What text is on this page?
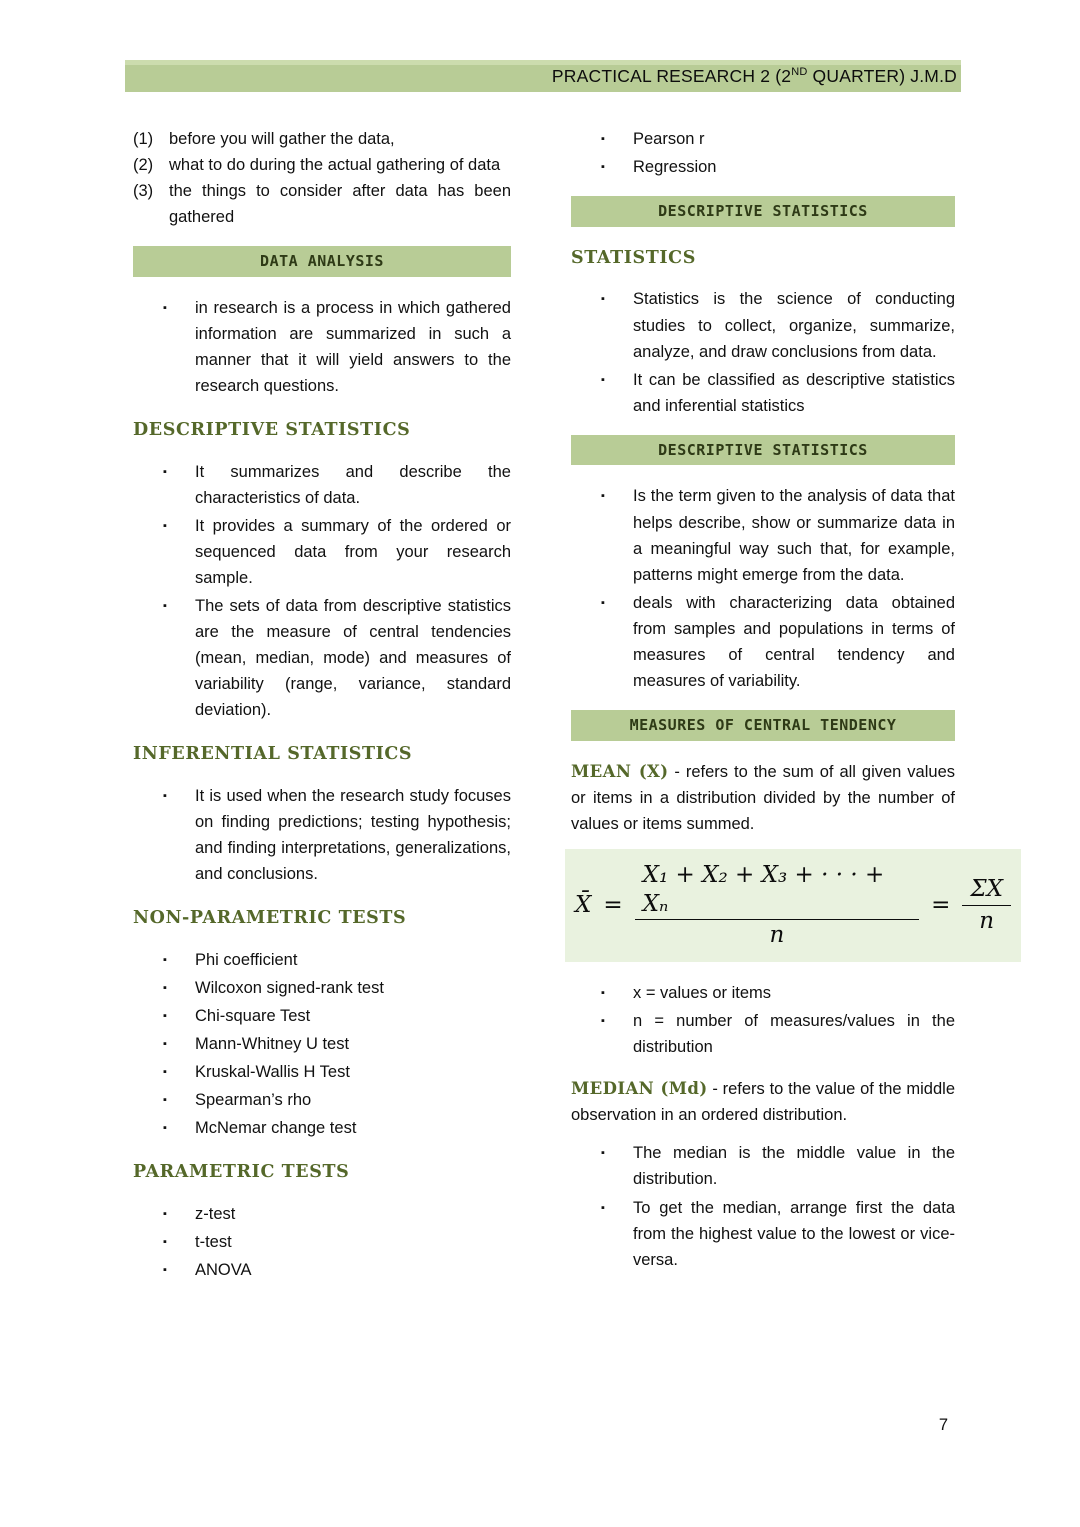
PRACTICAL RESEARCH 2 (2ND QUARTER) J.M.D
(1) before you will gather the data,
(2) what to do during the actual gathering of data
(3) the things to consider after data has been gathered
DATA ANALYSIS
▪
in research is a process in which gathered information are summarized in such a manner that it will yield answers to the research questions.
DESCRIPTIVE STATISTICS
▪
It summarizes and describe the characteristics of data.
▪
It provides a summary of the ordered or sequenced data from your research sample.
▪
The sets of data from descriptive statistics are the measure of central tendencies (mean, median, mode) and measures of variability (range, variance, standard deviation).
INFERENTIAL STATISTICS
▪
It is used when the research study focuses on finding predictions; testing hypothesis; and finding interpretations, generalizations, and conclusions.
NON-PARAMETRIC TESTS
▪
Phi coefficient
▪
Wilcoxon signed-rank test
▪
Chi-square Test
▪
Mann-Whitney U test
▪
Kruskal-Wallis H Test
▪
Spearman’s rho
▪
McNemar change test
PARAMETRIC TESTS
▪
z-test
▪
t-test
▪
ANOVA
▪
Pearson r
▪
Regression
DESCRIPTIVE STATISTICS
STATISTICS
▪
Statistics is the science of conducting studies to collect, organize, summarize, analyze, and draw conclusions from data.
▪
It can be classified as descriptive statistics and inferential statistics
DESCRIPTIVE STATISTICS
▪
Is the term given to the analysis of data that helps describe, show or summarize data in a meaningful way such that, for example, patterns might emerge from the data.
▪
deals with characterizing data obtained from samples and populations in terms of measures of central tendency and measures of variability.
MEASURES OF CENTRAL TENDENCY

MEAN (X) - refers to the sum of all given values or items in a distribution divided by the number of values or items summed.

X̄ = $\frac{\text{X₁ + X₂ + X₃ + · · · + Xₙ}}{n} = \frac{\Sigma X}{n}$
▪
x = values or items
▪
n = number of measures/values in the distribution

MEDIAN (Md) - refers to the value of the middle observation in an ordered distribution.

▪
The median is the middle value in the distribution.
▪
To get the median, arrange first the data from the highest value to the lowest or vice-versa.
7
